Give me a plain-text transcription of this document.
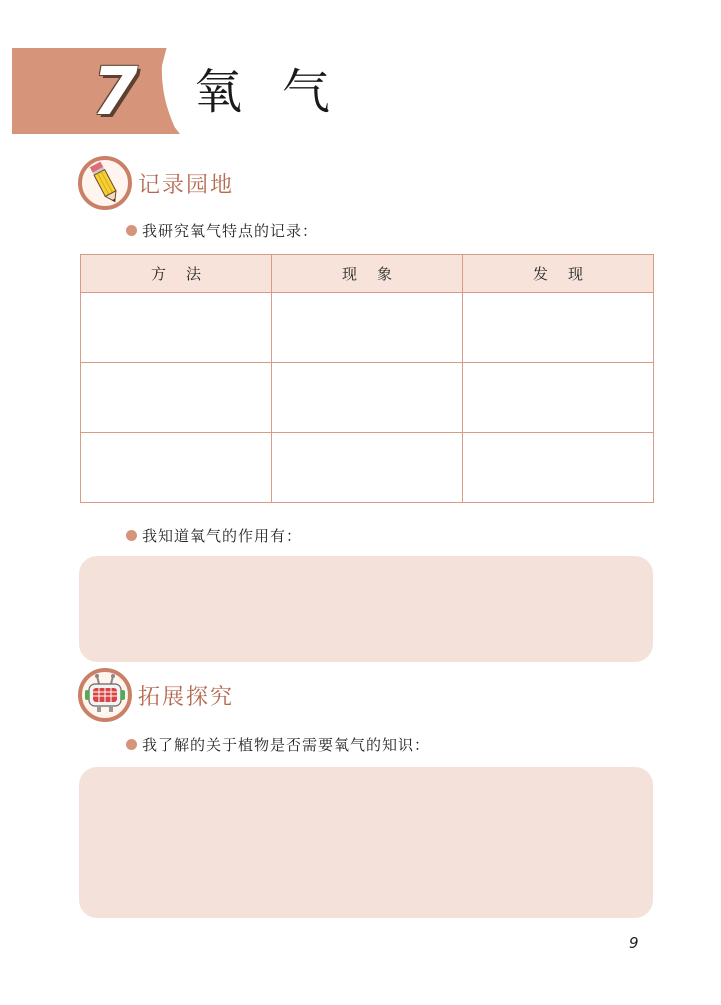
7 氧气
记录园地
我研究氧气特点的记录：
方法	现象	发现

我知道氧气的作用有：
拓展探究
我了解的关于植物是否需要氧气的知识：
9
